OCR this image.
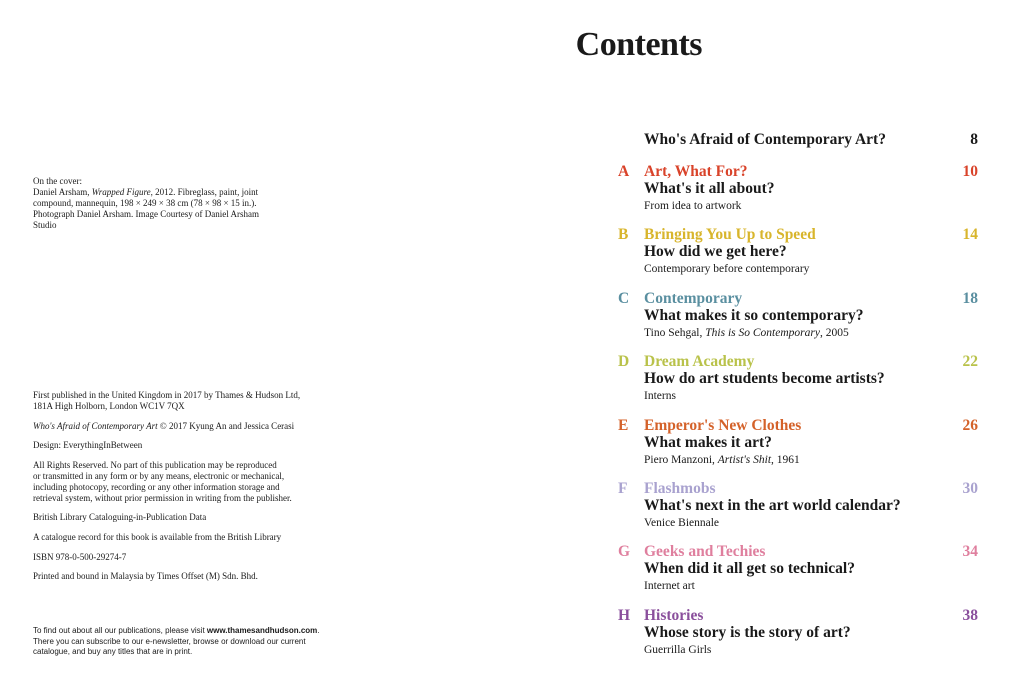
On the cover:

Daniel Arsham, Wrapped Figure, 2012. Fibreglass, paint, joint

compound, mannequin, 198 × 249 × 38 cm (78 × 98 × 15 in.).

Photograph Daniel Arsham. Image Courtesy of Daniel Arsham

Studio

First published in the United Kingdom in 2017 by Thames & Hudson Ltd,

181A High Holborn, London WC1V 7QX

Who's Afraid of Contemporary Art © 2017 Kyung An and Jessica Cerasi

Design: EverythingInBetween

All Rights Reserved. No part of this publication may be reproduced

or transmitted in any form or by any means, electronic or mechanical,

including photocopy, recording or any other information storage and

retrieval system, without prior permission in writing from the publisher.

British Library Cataloguing-in-Publication Data

A catalogue record for this book is available from the British Library

ISBN 978-0-500-29274-7

Printed and bound in Malaysia by Times Offset (M) Sdn. Bhd.

To find out about all our publications, please visit www.thamesandhudson.com.

There you can subscribe to our e-newsletter, browse or download our current

catalogue, and buy any titles that are in print.

Contents
Who's Afraid of Contemporary Art?	8
A Art, What For?	10
What's it all about?
From idea to artwork
B	Bringing You Up to Speed	14
How did we get here?
Contemporary before contemporary
C Contemporary	18
What makes it so contemporary?
Tino Sehgal, This is So Contemporary, 2005
D Dream Academy	22
How do art students become artists?
Interns
E	Emperor's New Clothes	26
What makes it art?
Piero Manzoni, Artist's Shit, 1961
F	Flashmobs	30
What's next in the art world calendar?
Venice Biennale
G Geeks and Techies	34
When did it all get so technical?
Internet art
H Histories	38
Whose story is the story of art?
Guerrilla Girls
